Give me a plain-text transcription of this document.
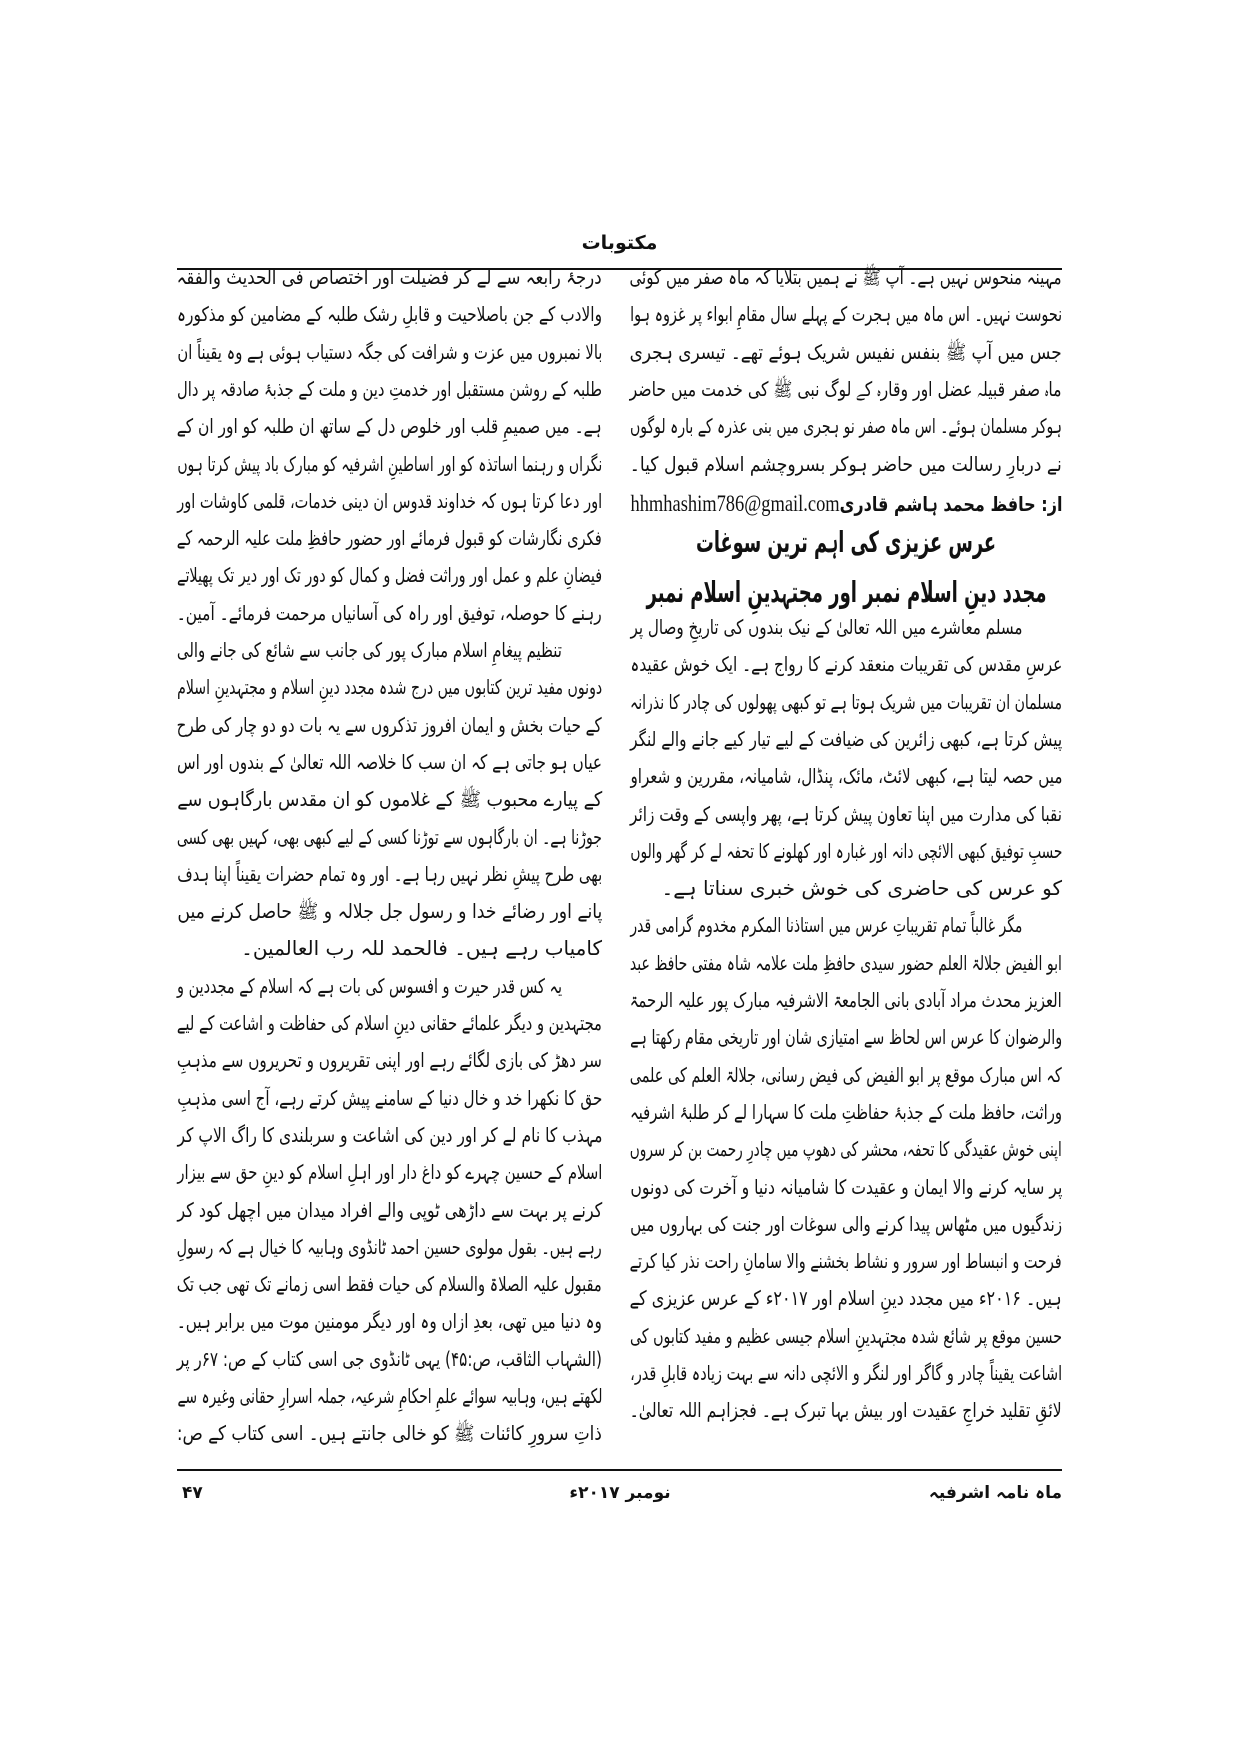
مکتوبات
مہینہ منحوس نہیں ہے۔ آپ ﷺ نے ہمیں بتلایا کہ ماہ صفر میں کوئی
نحوست نہیں۔ اس ماہ میں ہجرت کے پہلے سال مقامِ ابواء پر غزوہ ہوا
جس میں آپ ﷺ بنفس نفیس شریک ہوئے تھے۔ تیسری ہجری
ماہ صفر قبیلہ عضل اور وقارہ کے لوگ نبی ﷺ کی خدمت میں حاضر
ہوکر مسلمان ہوئے۔ اس ماہ صفر نو ہجری میں بنی عذرہ کے بارہ لوگوں
نے دربارِ رسالت میں حاضر ہوکر بسروچشم اسلام قبول کیا۔
از: حافظ محمد ہاشم قادریhhmhashim786@gmail.com
عرس عزیزی کی اہم ترین سوغات
مجدد دینِ اسلام نمبر اور مجتہدینِ اسلام نمبر
مسلم معاشرے میں اللہ تعالیٰ کے نیک بندوں کی تاریخِ وصال پر
عرسِ مقدس کی تقریبات منعقد کرنے کا رواج ہے۔ ایک خوش عقیدہ
مسلمان ان تقریبات میں شریک ہوتا ہے تو کبھی پھولوں کی چادر کا نذرانہ
پیش کرتا ہے، کبھی زائرین کی ضیافت کے لیے تیار کیے جانے والے لنگر
میں حصہ لیتا ہے، کبھی لائٹ، مائک، پنڈال، شامیانہ، مقررین و شعراو
نقبا کی مدارت میں اپنا تعاون پیش کرتا ہے، پھر واپسی کے وقت زائر
حسبِ توفیق کبھی الائچی دانہ اور غبارہ اور کھلونے کا تحفہ لے کر گھر والوں
کو عرس کی حاضری کی خوش خبری سناتا ہے۔
مگر غالباً تمام تقریباتِ عرس میں استاذنا المکرم مخدوم گرامی قدر
ابو الفیض جلالۃ العلم حضور سیدی حافظِ ملت علامہ شاہ مفتی حافظ عبد
العزیز محدث مراد آبادی بانی الجامعۃ الاشرفیہ مبارک پور علیہ الرحمۃ
والرضوان کا عرس اس لحاظ سے امتیازی شان اور تاریخی مقام رکھتا ہے
کہ اس مبارک موقع پر ابو الفیض کی فیض رسانی، جلالۃ العلم کی علمی
وراثت، حافظ ملت کے جذبۂ حفاظتِ ملت کا سہارا لے کر طلبۂ اشرفیہ
اپنی خوش عقیدگی کا تحفہ، محشر کی دھوپ میں چادرِ رحمت بن کر سروں
پر سایہ کرنے والا ایمان و عقیدت کا شامیانہ دنیا و آخرت کی دونوں
زندگیوں میں مٹھاس پیدا کرنے والی سوغات اور جنت کی بہاروں میں
فرحت و انبساط اور سرور و نشاط بخشنے والا سامانِ راحت نذر کیا کرتے
ہیں۔ ۲۰۱۶ء میں مجدد دینِ اسلام اور ۲۰۱۷ء کے عرس عزیزی کے
حسین موقع پر شائع شدہ مجتہدینِ اسلام جیسی عظیم و مفید کتابوں کی
اشاعت یقیناً چادر و گاگر اور لنگر و الائچی دانہ سے بہت زیادہ قابلِ قدر،
لائقِ تقلید خراجِ عقیدت اور بیش بہا تبرک ہے۔ فجزاہم اللہ تعالیٰ۔
درجۂ رابعہ سے لے کر فضیلت اور اختصاص فی الحدیث والفقہ
والادب کے جن باصلاحیت و قابلِ رشک طلبہ کے مضامین کو مذکورہ
بالا نمبروں میں عزت و شرافت کی جگہ دستیاب ہوئی ہے وہ یقیناً ان
طلبہ کے روشن مستقبل اور خدمتِ دین و ملت کے جذبۂ صادقہ پر دال
ہے۔ میں صمیمِ قلب اور خلوص دل کے ساتھ ان طلبہ کو اور ان کے
نگراں و رہنما اساتذہ کو اور اساطینِ اشرفیہ کو مبارک باد پیش کرتا ہوں
اور دعا کرتا ہوں کہ خداوند قدوس ان دینی خدمات، قلمی کاوشات اور
فکری نگارشات کو قبول فرمائے اور حضور حافظِ ملت علیہ الرحمہ کے
فیضانِ علم و عمل اور وراثت فضل و کمال کو دور تک اور دیر تک پھیلاتے
رہنے کا حوصلہ، توفیق اور راہ کی آسانیاں مرحمت فرمائے۔ آمین۔
تنظیم پیغامِ اسلام مبارک پور کی جانب سے شائع کی جانے والی
دونوں مفید ترین کتابوں میں درج شدہ مجدد دینِ اسلام و مجتہدینِ اسلام
کے حیات بخش و ایمان افروز تذکروں سے یہ بات دو دو چار کی طرح
عیاں ہو جاتی ہے کہ ان سب کا خلاصہ اللہ تعالیٰ کے بندوں اور اس
کے پیارے محبوب ﷺ کے غلاموں کو ان مقدس بارگاہوں سے
جوڑنا ہے۔ ان بارگاہوں سے توڑنا کسی کے لیے کبھی بھی، کہیں بھی کسی
بھی طرح پیشِ نظر نہیں رہا ہے۔ اور وہ تمام حضرات یقیناً اپنا ہدف
پانے اور رضائے خدا و رسول جل جلالہ و ﷺ حاصل کرنے میں
کامیاب رہے ہیں۔ فالحمد للہ رب العالمین۔
یہ کس قدر حیرت و افسوس کی بات ہے کہ اسلام کے مجددین و
مجتہدین و دیگر علمائے حقانی دینِ اسلام کی حفاظت و اشاعت کے لیے
سر دھڑ کی بازی لگائے رہے اور اپنی تقریروں و تحریروں سے مذہبِ
حق کا نکھرا خد و خال دنیا کے سامنے پیش کرتے رہے، آج اسی مذہبِ
مہذب کا نام لے کر اور دین کی اشاعت و سربلندی کا راگ الاپ کر
اسلام کے حسین چہرے کو داغ دار اور اہلِ اسلام کو دینِ حق سے بیزار
کرنے پر بہت سے داڑھی ٹوپی والے افراد میدان میں اچھل کود کر
رہے ہیں۔ بقول مولوی حسین احمد ٹانڈوی وہابیہ کا خیال ہے کہ رسولِ
مقبول علیہ الصلاۃ والسلام کی حیات فقط اسی زمانے تک تھی جب تک
وہ دنیا میں تھی، بعدِ ازاں وہ اور دیگر مومنین موت میں برابر ہیں۔
(الشہاب الثاقب، ص:۴۵) یہی ٹانڈوی جی اسی کتاب کے ص: ۶۷ر پر
لکھتے ہیں، وہابیہ سوائے علمِ احکامِ شرعیہ، جملہ اسرارِ حقانی وغیرہ سے
ذاتِ سرورِ کائنات ﷺ کو خالی جانتے ہیں۔ اسی کتاب کے ص:
ماہ نامہ اشرفیہ
نومبر ۲۰۱۷ء
۴۷
